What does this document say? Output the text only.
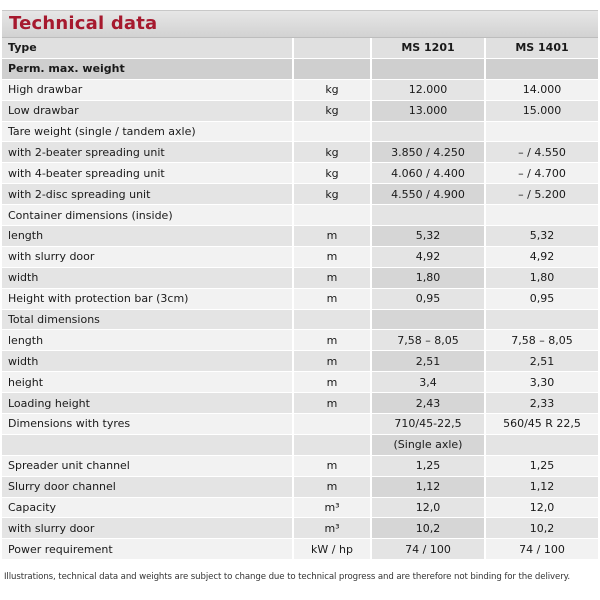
Technical data
Type		MS 1201	MS 1401
Perm. max. weight			
High drawbar	kg	12.000	14.000
Low drawbar	kg	13.000	15.000
Tare weight (single / tandem axle)			
with 2-beater spreading unit	kg	3.850 / 4.250	– / 4.550
with 4-beater spreading unit	kg	4.060 / 4.400	– / 4.700
with 2-disc spreading unit	kg	4.550 / 4.900	– / 5.200
Container dimensions (inside)			
length	m	5,32	5,32
with slurry door	m	4,92	4,92
width	m	1,80	1,80
Height with protection bar (3cm)	m	0,95	0,95
Total dimensions			
length	m	7,58 – 8,05	7,58 – 8,05
width	m	2,51	2,51
height	m	3,4	3,30
Loading height	m	2,43	2,33
Dimensions with tyres		710/45-22,5	560/45 R 22,5
		(Single axle)	
Spreader unit channel	m	1,25	1,25
Slurry door channel	m	1,12	1,12
Capacity	m³	12,0	12,0
with slurry door	m³	10,2	10,2
Power requirement	kW / hp	74 / 100	74 / 100
Illustrations, technical data and weights are subject to change due to technical progress and are therefore not binding for the delivery.
